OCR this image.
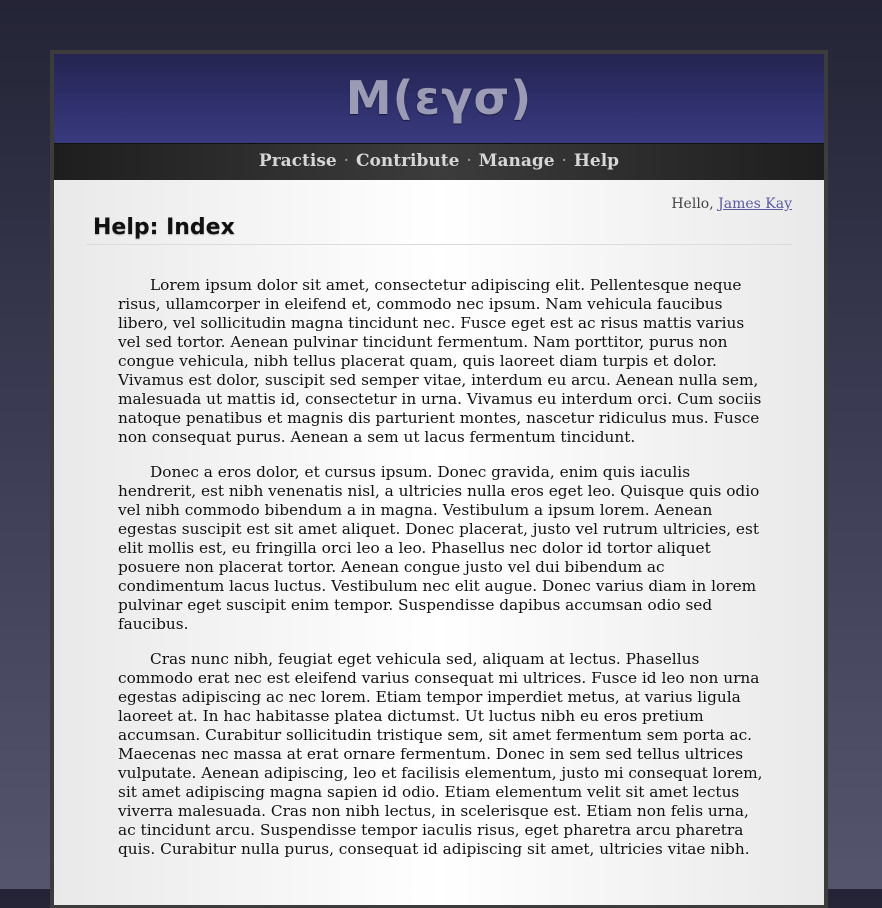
M(εγσ)
Practise · Contribute · Manage · Help
Hello, James Kay
Help: Index

Lorem ipsum dolor sit amet, consectetur adipiscing elit. Pellentesque neque risus, ullamcorper in eleifend et, commodo nec ipsum. Nam vehicula faucibus libero, vel sollicitudin magna tincidunt nec. Fusce eget est ac risus mattis varius vel sed tortor. Aenean pulvinar tincidunt fermentum. Nam porttitor, purus non congue vehicula, nibh tellus placerat quam, quis laoreet diam turpis et dolor. Vivamus est dolor, suscipit sed semper vitae, interdum eu arcu. Aenean nulla sem, malesuada ut mattis id, consectetur in urna. Vivamus eu interdum orci. Cum sociis natoque penatibus et magnis dis parturient montes, nascetur ridiculus mus. Fusce non consequat purus. Aenean a sem ut lacus fermentum tincidunt.

Donec a eros dolor, et cursus ipsum. Donec gravida, enim quis iaculis hendrerit, est nibh venenatis nisl, a ultricies nulla eros eget leo. Quisque quis odio vel nibh commodo bibendum a in magna. Vestibulum a ipsum lorem. Aenean egestas suscipit est sit amet aliquet. Donec placerat, justo vel rutrum ultricies, est elit mollis est, eu fringilla orci leo a leo. Phasellus nec dolor id tortor aliquet posuere non placerat tortor. Aenean congue justo vel dui bibendum ac condimentum lacus luctus. Vestibulum nec elit augue. Donec varius diam in lorem pulvinar eget suscipit enim tempor. Suspendisse dapibus accumsan odio sed faucibus.

Cras nunc nibh, feugiat eget vehicula sed, aliquam at lectus. Phasellus commodo erat nec est eleifend varius consequat mi ultrices. Fusce id leo non urna egestas adipiscing ac nec lorem. Etiam tempor imperdiet metus, at varius ligula laoreet at. In hac habitasse platea dictumst. Ut luctus nibh eu eros pretium accumsan. Curabitur sollicitudin tristique sem, sit amet fermentum sem porta ac. Maecenas nec massa at erat ornare fermentum. Donec in sem sed tellus ultrices vulputate. Aenean adipiscing, leo et facilisis elementum, justo mi consequat lorem, sit amet adipiscing magna sapien id odio. Etiam elementum velit sit amet lectus viverra malesuada. Cras non nibh lectus, in scelerisque est. Etiam non felis urna, ac tincidunt arcu. Suspendisse tempor iaculis risus, eget pharetra arcu pharetra quis. Curabitur nulla purus, consequat id adipiscing sit amet, ultricies vitae nibh.
